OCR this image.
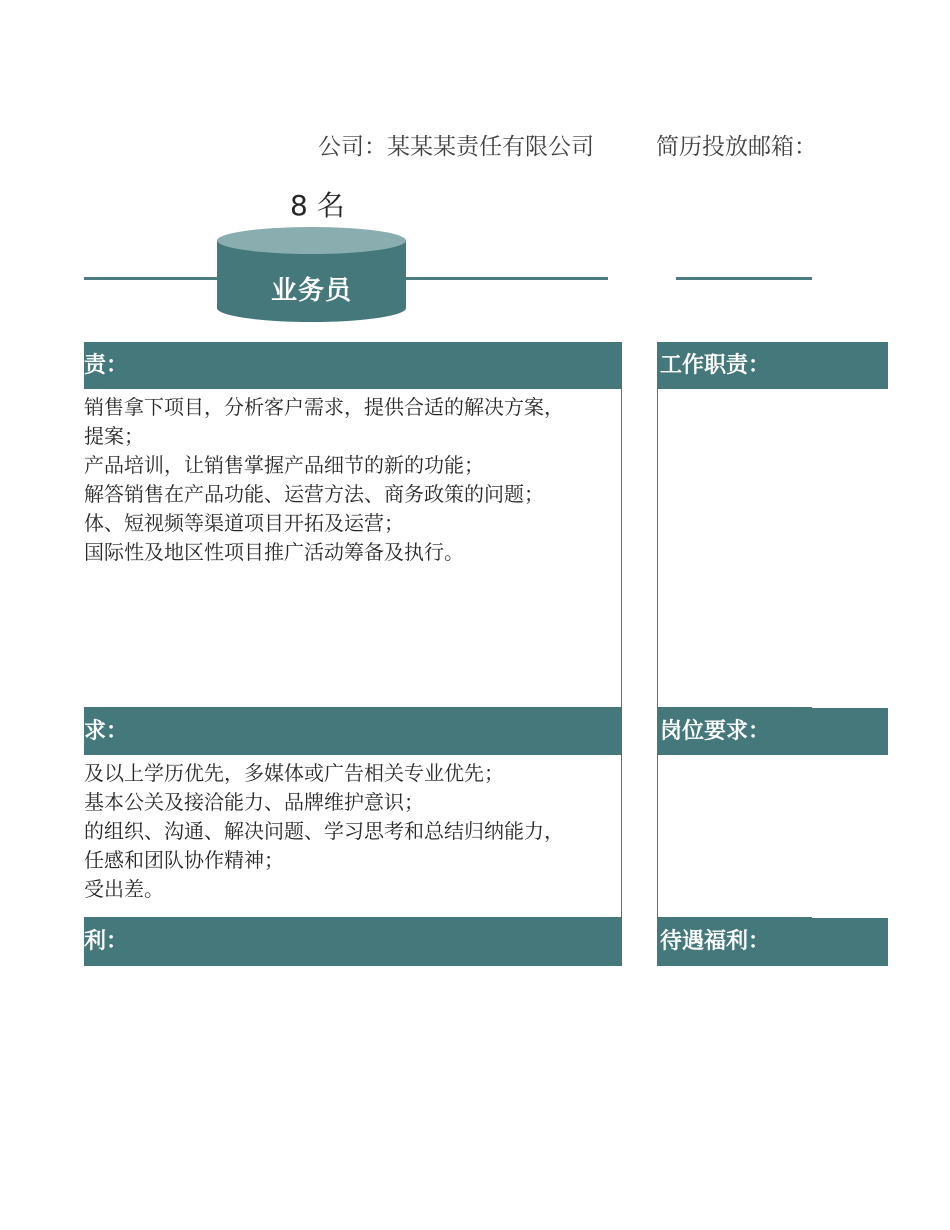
公司：某某某责任有限公司	简历投放邮箱：
8 名
业务员
责：
销售拿下项目，分析客户需求，提供合适的解决方案，
提案；
产品培训，让销售掌握产品细节的新的功能；
解答销售在产品功能、运营方法、商务政策的问题；
体、短视频等渠道项目开拓及运营；
国际性及地区性项目推广活动筹备及执行。
求：
及以上学历优先，多媒体或广告相关专业优先；
基本公关及接洽能力、品牌维护意识；
的组织、沟通、解决问题、学习思考和总结归纳能力，
任感和团队协作精神；
受出差。
利：
工作职责：
岗位要求：
待遇福利：
